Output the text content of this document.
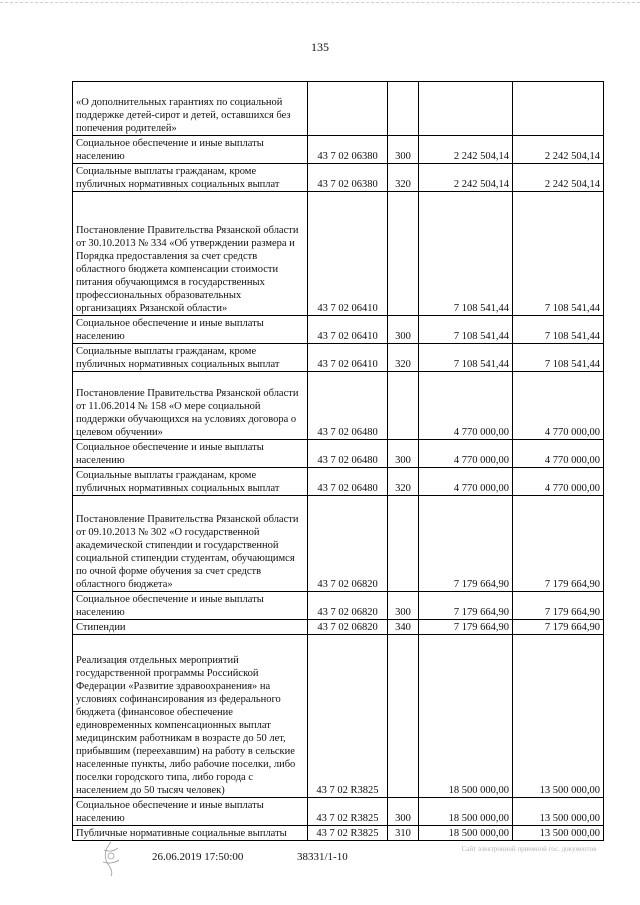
135
«О дополнительных гарантиях по социальной поддержке детей-сирот и детей, оставшихся без попечения родителей»				
Социальное обеспечение и иные выплаты населению	43 7 02 06380	300	2 242 504,14	2 242 504,14
Социальные выплаты гражданам, кроме публичных нормативных социальных выплат	43 7 02 06380	320	2 242 504,14	2 242 504,14
Постановление Правительства Рязанской области от 30.10.2013 № 334 «Об утверждении размера и Порядка предоставления за счет средств областного бюджета компенсации стоимости питания обучающимся в государственных профессиональных образовательных организациях Рязанской области»	43 7 02 06410		7 108 541,44	7 108 541,44
Социальное обеспечение и иные выплаты населению	43 7 02 06410	300	7 108 541,44	7 108 541,44
Социальные выплаты гражданам, кроме публичных нормативных социальных выплат	43 7 02 06410	320	7 108 541,44	7 108 541,44
Постановление Правительства Рязанской области от 11.06.2014 № 158 «О мере социальной поддержки обучающихся на условиях договора о целевом обучении»	43 7 02 06480		4 770 000,00	4 770 000,00
Социальное обеспечение и иные выплаты населению	43 7 02 06480	300	4 770 000,00	4 770 000,00
Социальные выплаты гражданам, кроме публичных нормативных социальных выплат	43 7 02 06480	320	4 770 000,00	4 770 000,00
Постановление Правительства Рязанской области от 09.10.2013 № 302 «О государственной академической стипендии и государственной социальной стипендии студентам, обучающимся по очной форме обучения за счет средств областного бюджета»	43 7 02 06820		7 179 664,90	7 179 664,90
Социальное обеспечение и иные выплаты населению	43 7 02 06820	300	7 179 664,90	7 179 664,90
Стипендии	43 7 02 06820	340	7 179 664,90	7 179 664,90
Реализация отдельных мероприятий государственной программы Российской Федерации «Развитие здравоохранения» на условиях софинансирования из федерального бюджета (финансовое обеспечение единовременных компенсационных выплат медицинским работникам в возрасте до 50 лет, прибывшим (переехавшим) на работу в сельские населенные пункты, либо рабочие поселки, либо поселки городского типа, либо города с населением до 50 тысяч человек)	43 7 02 R3825		18 500 000,00	13 500 000,00
Социальное обеспечение и иные выплаты населению	43 7 02 R3825	300	18 500 000,00	13 500 000,00
Публичные нормативные социальные выплаты	43 7 02 R3825	310	18 500 000,00	13 500 000,00
26.06.2019 17:50:00	38331/1-10
Сайт электронной приемной гос. документов
